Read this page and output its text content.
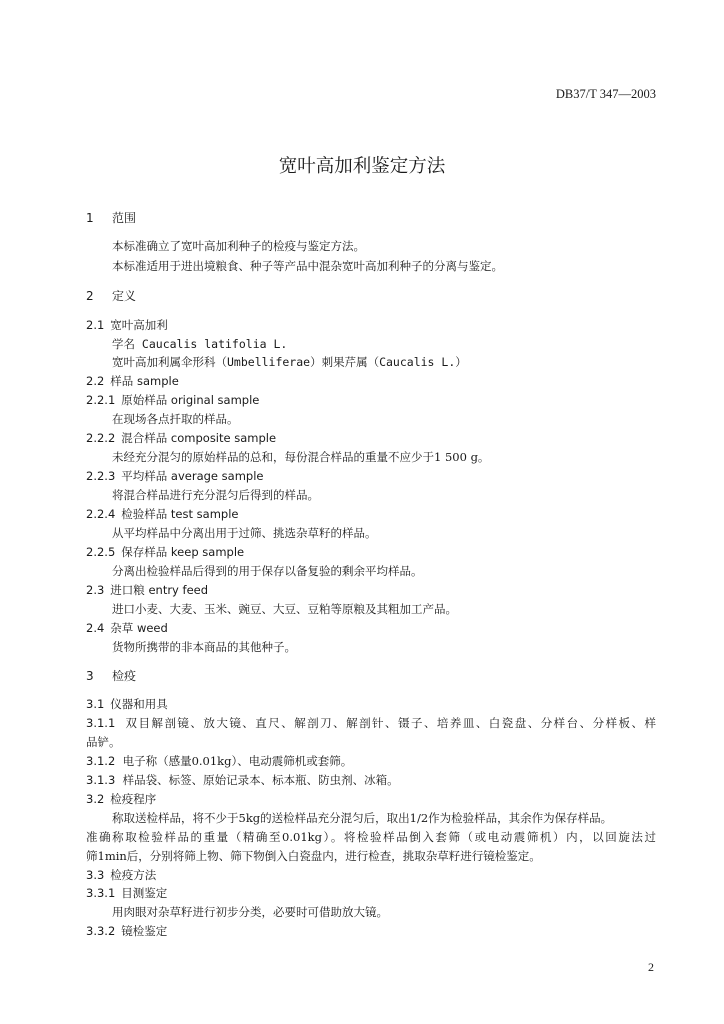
DB37/T 347—2003
宽叶高加利鉴定方法
1 范围
本标准确立了宽叶高加利种子的检疫与鉴定方法。
本标准适用于进出境粮食、种子等产品中混杂宽叶高加利种子的分离与鉴定。
2 定义
2.1 宽叶高加利
学名 Caucalis latifolia L.
宽叶高加利属伞形科（Umbelliferae）刺果芹属（Caucalis L.）
2.2 样品 sample
2.2.1 原始样品 original sample
在现场各点扦取的样品。
2.2.2 混合样品 composite sample
未经充分混匀的原始样品的总和，每份混合样品的重量不应少于1 500 g。
2.2.3 平均样品 average sample
将混合样品进行充分混匀后得到的样品。
2.2.4 检验样品 test sample
从平均样品中分离出用于过筛、挑选杂草籽的样品。
2.2.5 保存样品 keep sample
分离出检验样品后得到的用于保存以备复验的剩余平均样品。
2.3 进口粮 entry feed
进口小麦、大麦、玉米、豌豆、大豆、豆粕等原粮及其粗加工产品。
2.4 杂草 weed
货物所携带的非本商品的其他种子。
3 检疫
3.1 仪器和用具
3.1.1 双目解剖镜、放大镜、直尺、解剖刀、解剖针、镊子、培养皿、白瓷盘、分样台、分样板、样
品铲。
3.1.2 电子称（感量0.01kg）、电动震筛机或套筛。
3.1.3 样品袋、标签、原始记录本、标本瓶、防虫剂、冰箱。
3.2 检疫程序
称取送检样品，将不少于5kg的送检样品充分混匀后，取出1/2作为检验样品，其余作为保存样品。
准确称取检验样品的重量（精确至0.01kg）。将检验样品倒入套筛（或电动震筛机）内，以回旋法过
筛1min后，分别将筛上物、筛下物倒入白瓷盘内，进行检查，挑取杂草籽进行镜检鉴定。
3.3 检疫方法
3.3.1 目测鉴定
用肉眼对杂草籽进行初步分类，必要时可借助放大镜。
3.3.2 镜检鉴定
2
